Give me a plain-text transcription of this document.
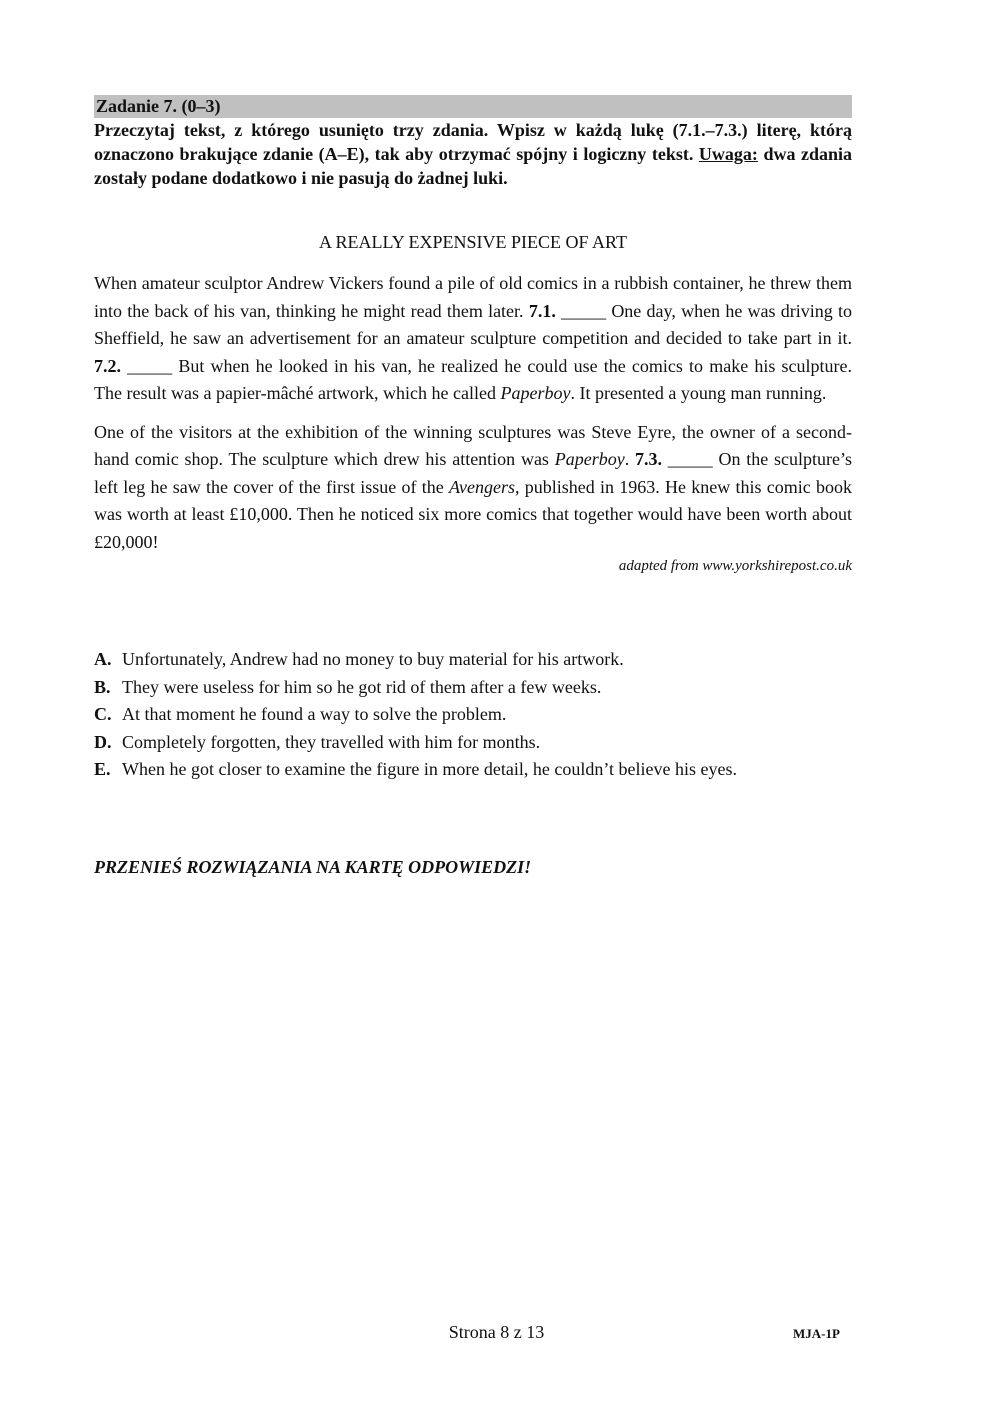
Zadanie 7. (0–3)
Przeczytaj tekst, z którego usunięto trzy zdania. Wpisz w każdą lukę (7.1.–7.3.) literę, którą oznaczono brakujące zdanie (A–E), tak aby otrzymać spójny i logiczny tekst. Uwaga: dwa zdania zostały podane dodatkowo i nie pasują do żadnej luki.
A REALLY EXPENSIVE PIECE OF ART

When amateur sculptor Andrew Vickers found a pile of old comics in a rubbish container, he threw them into the back of his van, thinking he might read them later. 7.1. _____ One day, when he was driving to Sheffield, he saw an advertisement for an amateur sculpture competition and decided to take part in it. 7.2. _____ But when he looked in his van, he realized he could use the comics to make his sculpture. The result was a papier-mâché artwork, which he called Paperboy. It presented a young man running.

One of the visitors at the exhibition of the winning sculptures was Steve Eyre, the owner of a second-hand comic shop. The sculpture which drew his attention was Paperboy. 7.3. _____ On the sculpture’s left leg he saw the cover of the first issue of the Avengers, published in 1963. He knew this comic book was worth at least £10,000. Then he noticed six more comics that together would have been worth about £20,000!

adapted from www.yorkshirepost.co.uk
A. Unfortunately, Andrew had no money to buy material for his artwork.
B. They were useless for him so he got rid of them after a few weeks.
C. At that moment he found a way to solve the problem.
D. Completely forgotten, they travelled with him for months.
E. When he got closer to examine the figure in more detail, he couldn’t believe his eyes.
PRZENIEŚ ROZWIĄZANIA NA KARTĘ ODPOWIEDZI!
Strona 8 z 13	MJA-1P
